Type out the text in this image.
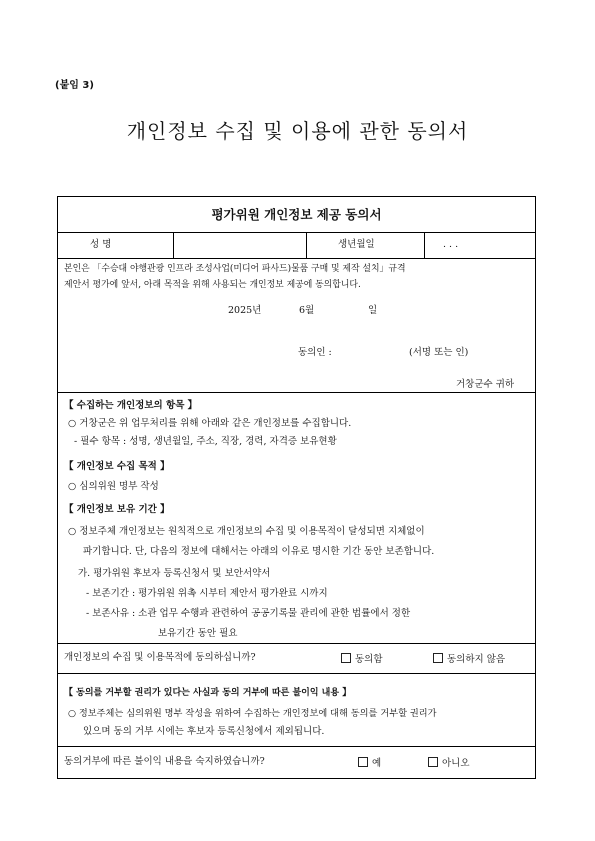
(붙임 3)
개인정보 수집 및 이용에 관한 동의서
평가위원 개인정보 제공 동의서
성 명	생년월일	. . .
본인은 「수승대 야행관광 인프라 조성사업(미디어 파사드)물품 구매 및 제작 설치」규격
제안서 평가에 앞서, 아래 목적을 위해 사용되는 개인정보 제공에 동의합니다.
2025년	6월	일
동의인 :	(서명 또는 인)
거창군수 귀하
【 수집하는 개인정보의 항목 】
○ 거창군은 위 업무처리를 위해 아래와 같은 개인정보를 수집합니다.
- 필수 항목 : 성명, 생년월일, 주소, 직장, 경력, 자격증 보유현황
【 개인정보 수집 목적 】
○ 심의위원 명부 작성
【 개인정보 보유 기간 】
○ 정보주체 개인정보는 원칙적으로 개인정보의 수집 및 이용목적이 달성되면 지체없이
파기합니다. 단, 다음의 정보에 대해서는 아래의 이유로 명시한 기간 동안 보존합니다.
가. 평가위원 후보자 등록신청서 및 보안서약서
- 보존기간 : 평가위원 위촉 시부터 제안서 평가완료 시까지
- 보존사유 : 소관 업무 수행과 관련하여 공공기록물 관리에 관한 법률에서 정한
보유기간 동안 필요
개인정보의 수집 및 이용목적에 동의하십니까?	동의함	동의하지 않음
【 동의를 거부할 권리가 있다는 사실과 동의 거부에 따른 불이익 내용 】
○ 정보주체는 심의위원 명부 작성을 위하여 수집하는 개인정보에 대해 동의를 거부할 권리가
있으며 동의 거부 시에는 후보자 등록신청에서 제외됩니다.
동의거부에 따른 불이익 내용을 숙지하였습니까?	예	아니오
